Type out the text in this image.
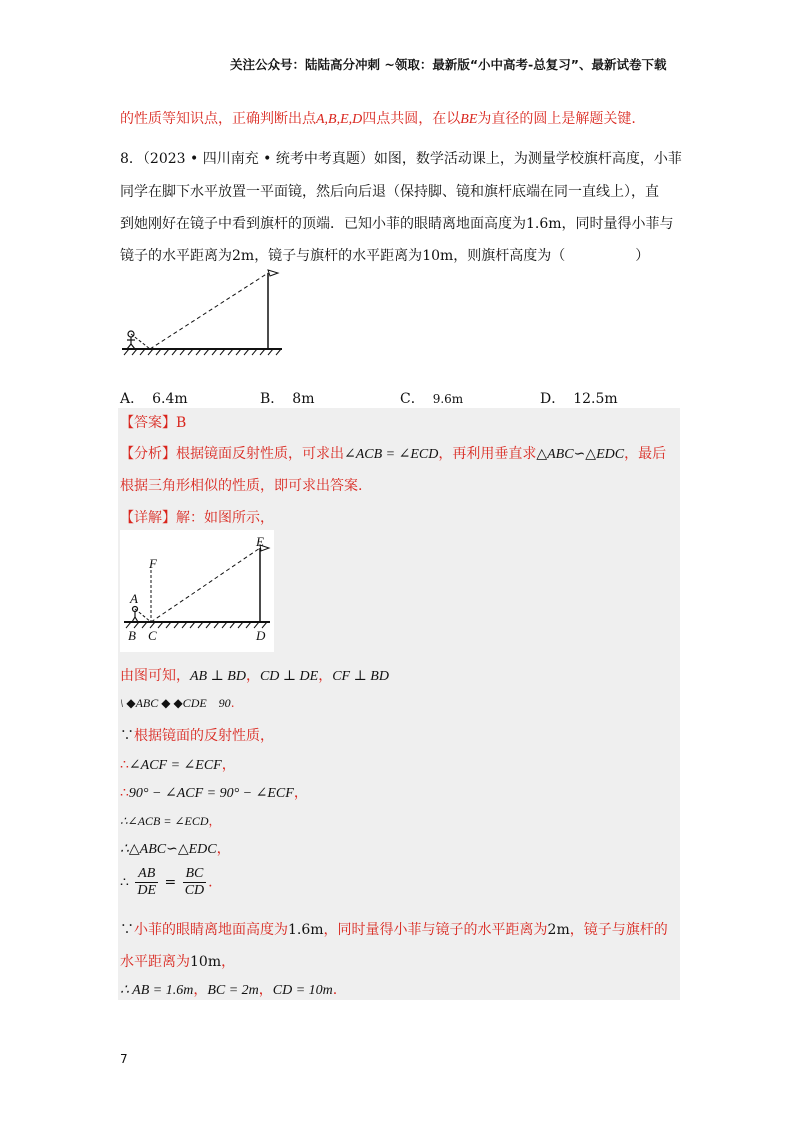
关注公众号：陆陆高分冲刺 ~领取：最新版“小中高考-总复习”、最新试卷下载
的性质等知识点，正确判断出点A,B,E,D四点共圆，在以BE为直径的圆上是解题关键.
8．（2023 • 四川南充 • 统考中考真题）如图，数学活动课上，为测量学校旗杆高度，小菲
同学在脚下水平放置一平面镜，然后向后退（保持脚、镜和旗杆底端在同一直线上），直
到她刚好在镜子中看到旗杆的顶端．已知小菲的眼睛离地面高度为1.6m，同时量得小菲与
镜子的水平距离为2m，镜子与旗杆的水平距离为10m，则旗杆高度为（　　　　　）
A． 6.4m	B． 8m	C． 9.6m	D． 12.5m
【答案】B
【分析】根据镜面反射性质，可求出∠ACB = ∠ECD，再利用垂直求△ABC∽△EDC，最后
根据三角形相似的性质，即可求出答案.
【详解】解：如图所示，
A
B C	D
E
F
由图可知，AB ⊥ BD，CD ⊥ DE，CF ⊥ BD
\ ◆ABC ◆ ◆CDE　90.
∵根据镜面的反射性质，
∴∠ACF = ∠ECF，
∴90° − ∠ACF = 90° − ∠ECF，
∴∠ACB = ∠ECD，
∴△ABC∽△EDC，
∴ $\frac{AB}{DE} = \frac{BC}{CD}$ .
∵小菲的眼睛离地面高度为1.6m，同时量得小菲与镜子的水平距离为2m，镜子与旗杆的
水平距离为10m，
∴ AB = 1.6m，BC = 2m，CD = 10m.
7
